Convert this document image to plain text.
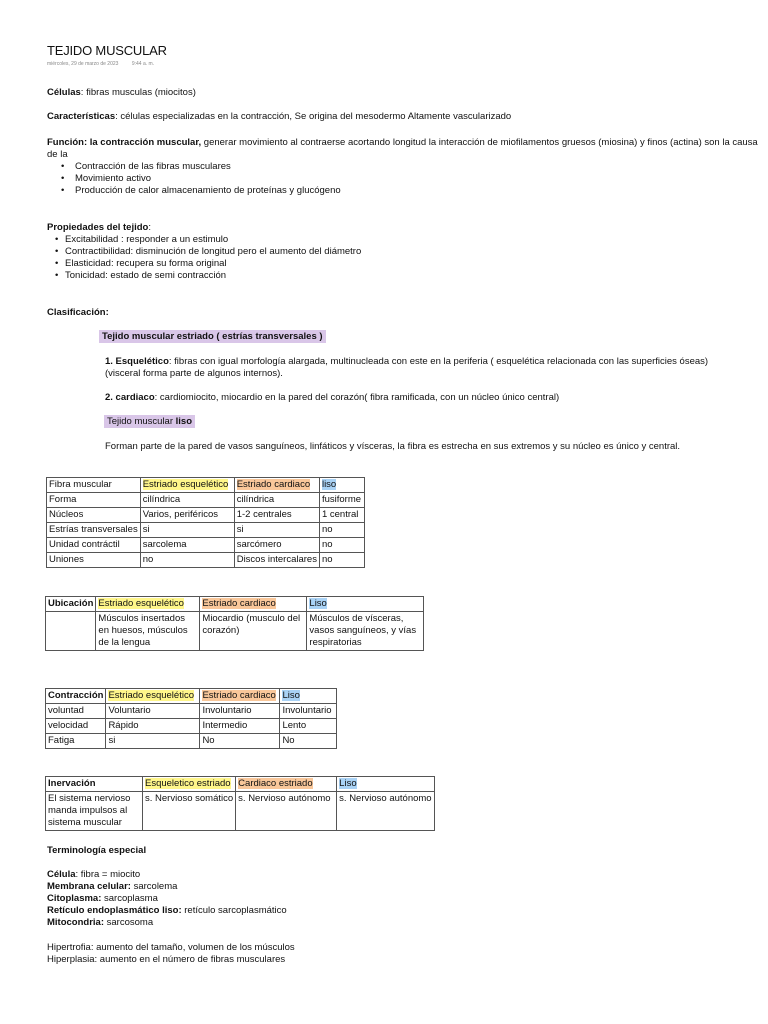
TEJIDO MUSCULAR
miércoles, 29 de marzo de 2023	9:44 a. m.
Células: fibras musculas (miocitos)
Características: células especializadas en la contracción, Se origina del mesodermo Altamente vascularizado
Función: la contracción muscular, generar movimiento al contraerse acortando longitud la interacción de miofilamentos gruesos (miosina) y finos (actina) son la causa
de la
• Contracción de las fibras musculares
• Movimiento activo
• Producción de calor almacenamiento de proteínas y glucógeno
Propiedades del tejido:
• Excitabilidad : responder a un estimulo
• Contractibilidad: disminución de longitud pero el aumento del diámetro
• Elasticidad: recupera su forma original
• Tonicidad: estado de semi contracción
Clasificación:
Tejido muscular estriado ( estrías transversales )
1. Esquelético: fibras con igual morfología alargada, multinucleada con este en la periferia ( esquelética relacionada con las superficies óseas)
(visceral forma parte de algunos internos).
2. cardiaco: cardiomiocito, miocardio en la pared del corazón( fibra ramificada, con un núcleo único central)
Tejido muscular liso
Forman parte de la pared de vasos sanguíneos, linfáticos y vísceras, la fibra es estrecha en sus extremos y su núcleo es único y central.
Fibra muscular	Estriado esquelético	Estriado cardiaco	liso
Forma	cilíndrica	cilíndrica	fusiforme
Núcleos	Varios, periféricos	1-2 centrales	1 central
Estrías transversales	si	si	no
Unidad contráctil	sarcolema	sarcómero	no
Uniones	no	Discos intercalares	no
Ubicación	Estriado esquelético	Estriado cardiaco	Liso
	Músculos insertados en huesos, músculos de la lengua	Miocardio (musculo del corazón)	Músculos de vísceras, vasos sanguíneos, y vías respiratorias
Contracción	Estriado esquelético	Estriado cardiaco	Liso
voluntad	Voluntario	Involuntario	Involuntario
velocidad	Rápido	Intermedio	Lento
Fatiga	si	No	No
Inervación	Esqueletico estriado	Cardiaco estriado	Liso
El sistema nervioso manda impulsos al sistema muscular	s. Nervioso somático	s. Nervioso autónomo	s. Nervioso autónomo
Terminología especial
Célula: fibra = miocito
Membrana celular: sarcolema
Citoplasma: sarcoplasma
Retículo endoplasmático liso: retículo sarcoplasmático
Mitocondria: sarcosoma
Hipertrofia: aumento del tamaño, volumen de los músculos
Hiperplasia: aumento en el número de fibras musculares
